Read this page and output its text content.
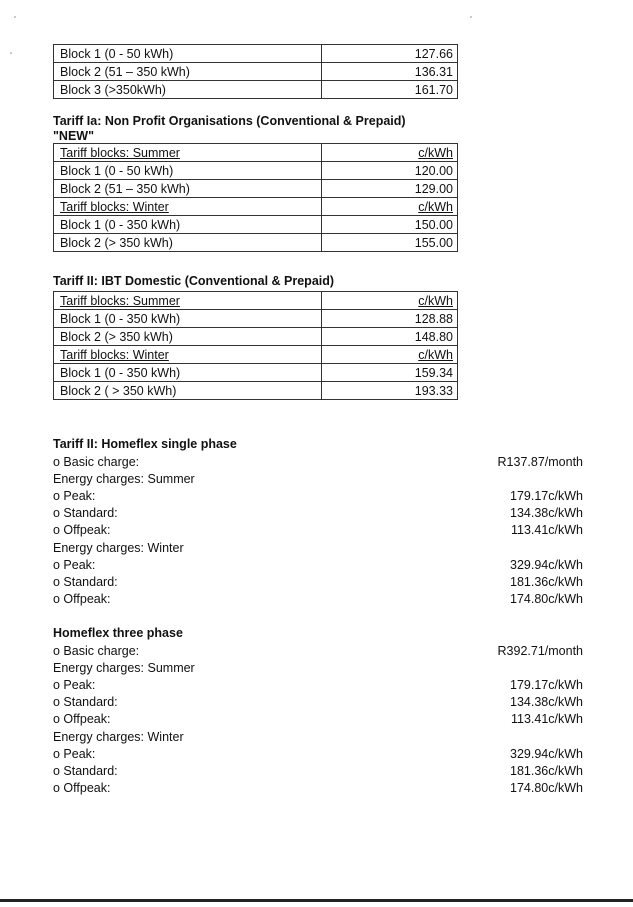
Block 1 (0 - 50 kWh)	127.66
Block 2 (51 – 350 kWh)	136.31
Block 3 (>350kWh)	161.70
Tariff Ia: Non Profit Organisations (Conventional & Prepaid)
"NEW"
Tariff blocks: Summer	c/kWh
Block 1 (0 - 50 kWh)	120.00
Block 2 (51 – 350 kWh)	129.00
Tariff blocks: Winter	c/kWh
Block 1 (0 - 350 kWh)	150.00
Block 2 (> 350 kWh)	155.00
Tariff II: IBT Domestic (Conventional & Prepaid)
Tariff blocks: Summer	c/kWh
Block 1 (0 - 350 kWh)	128.88
Block 2 (> 350 kWh)	148.80
Tariff blocks: Winter	c/kWh
Block 1 (0 - 350 kWh)	159.34
Block 2 ( > 350 kWh)	193.33
Tariff II: Homeflex single phase
o Basic charge:	R137.87/month
Energy charges: Summer
o Peak:	179.17c/kWh
o Standard:	134.38c/kWh
o Offpeak:	113.41c/kWh
Energy charges: Winter
o Peak:	329.94c/kWh
o Standard:	181.36c/kWh
o Offpeak:	174.80c/kWh
Homeflex three phase
o Basic charge:	R392.71/month
Energy charges: Summer
o Peak:	179.17c/kWh
o Standard:	134.38c/kWh
o Offpeak:	113.41c/kWh
Energy charges: Winter
o Peak:	329.94c/kWh
o Standard:	181.36c/kWh
o Offpeak:	174.80c/kWh
